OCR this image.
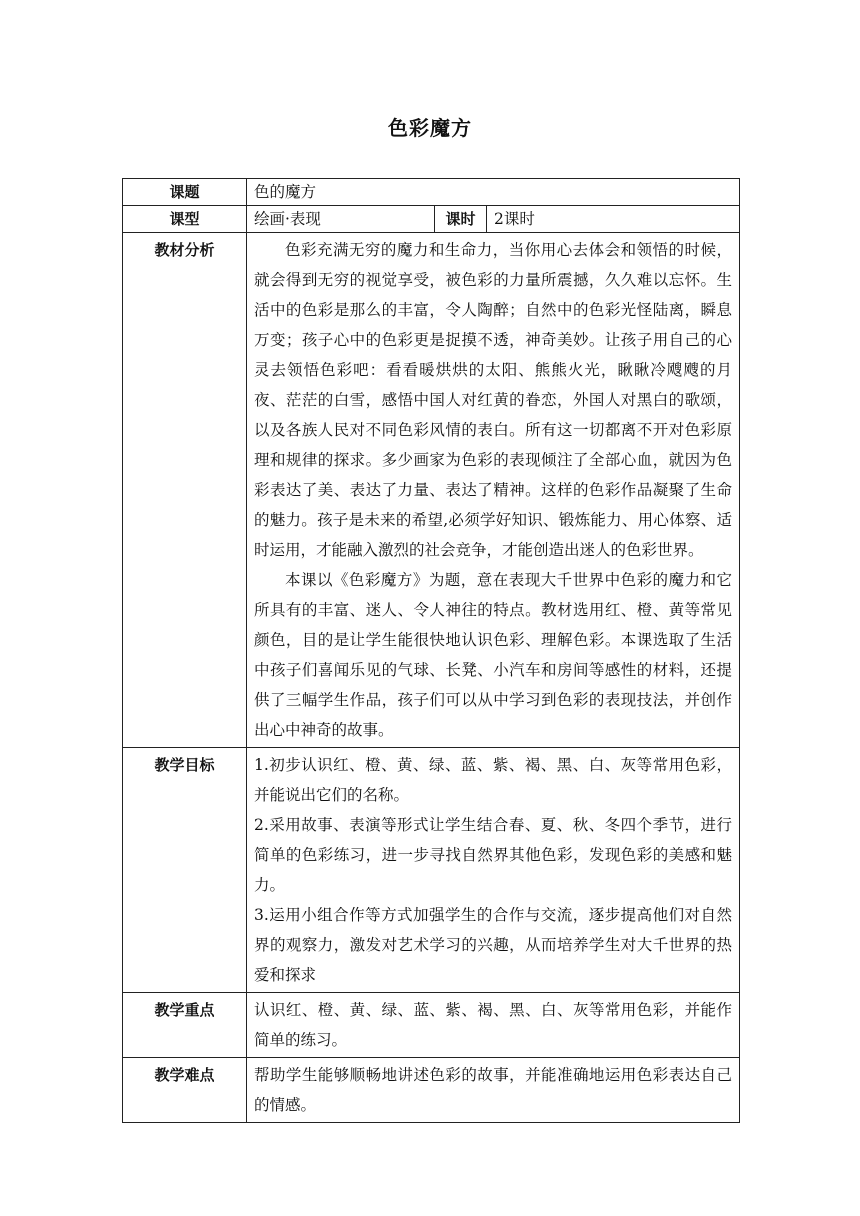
色彩魔方
课题	色的魔方		
课型	绘画·表现	课时	2课时
教材分析	色彩充满无穷的魔力和生命力，当你用心去体会和领悟的时候，就会得到无穷的视觉享受，被色彩的力量所震撼，久久难以忘怀。生活中的色彩是那么的丰富，令人陶醉；自然中的色彩光怪陆离，瞬息万变；孩子心中的色彩更是捉摸不透，神奇美妙。让孩子用自己的心灵去领悟色彩吧：看看暖烘烘的太阳、熊熊火光，瞅瞅冷飕飕的月夜、茫茫的白雪，感悟中国人对红黄的眷恋，外国人对黑白的歌颂，以及各族人民对不同色彩风情的表白。所有这一切都离不开对色彩原理和规律的探求。多少画家为色彩的表现倾注了全部心血，就因为色彩表达了美、表达了力量、表达了精神。这样的色彩作品凝聚了生命的魅力。孩子是未来的希望,必须学好知识、锻炼能力、用心体察、适时运用，才能融入激烈的社会竞争，才能创造出迷人的色彩世界。

本课以《色彩魔方》为题，意在表现大千世界中色彩的魔力和它所具有的丰富、迷人、令人神往的特点。教材选用红、橙、黄等常见颜色，目的是让学生能很快地认识色彩、理解色彩。本课选取了生活中孩子们喜闻乐见的气球、长凳、小汽车和房间等感性的材料，还提供了三幅学生作品，孩子们可以从中学习到色彩的表现技法，并创作出心中神奇的故事。		

教学目标	1.初步认识红、橙、黄、绿、蓝、紫、褐、黑、白、灰等常用色彩，并能说出它们的名称。

2.采用故事、表演等形式让学生结合春、夏、秋、冬四个季节，进行简单的色彩练习，进一步寻找自然界其他色彩，发现色彩的美感和魅力。

3.运用小组合作等方式加强学生的合作与交流，逐步提高他们对自然界的观察力，激发对艺术学习的兴趣，从而培养学生对大千世界的热爱和探求		

教学重点	认识红、橙、黄、绿、蓝、紫、褐、黑、白、灰等常用色彩，并能作简单的练习。		

教学难点	帮助学生能够顺畅地讲述色彩的故事，并能准确地运用色彩表达自己的情感。		
